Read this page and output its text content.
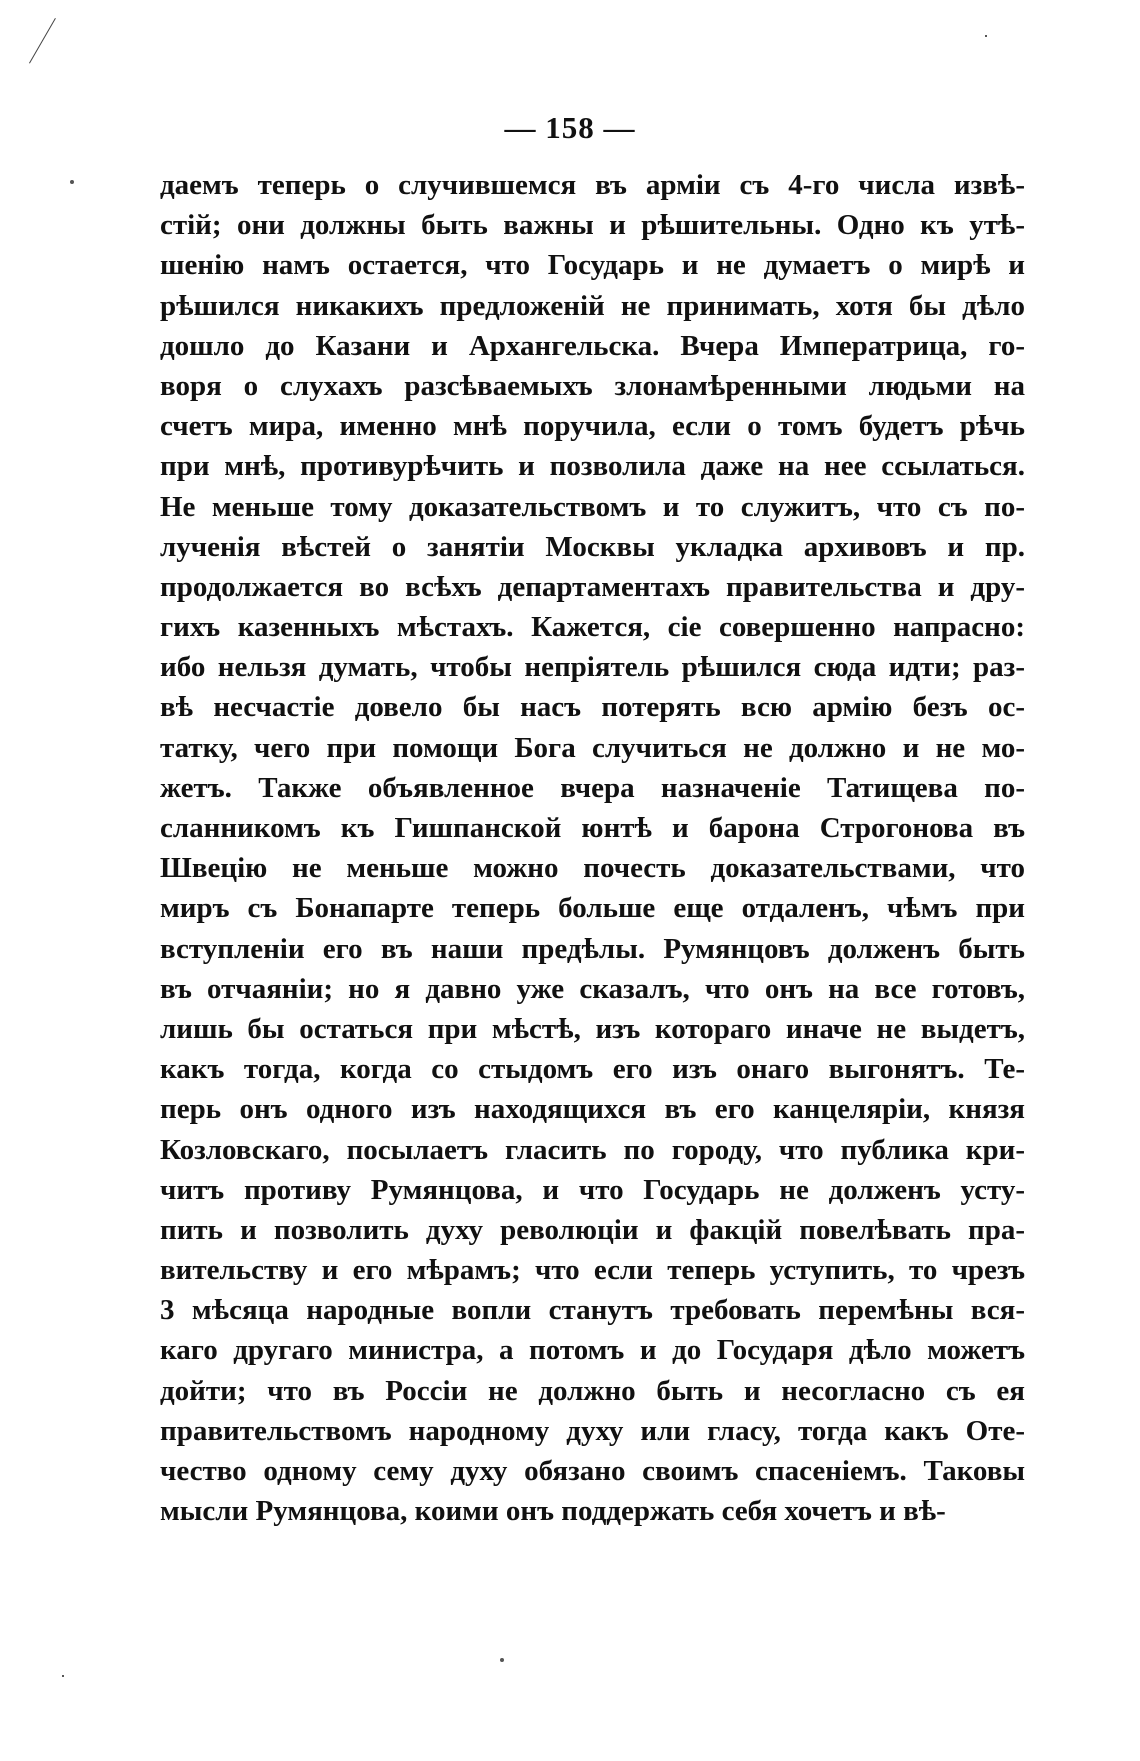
— 158 —
даемъ теперь о случившемся въ арміи съ 4-го числа извѣ-
стій; они должны быть важны и рѣшительны. Одно къ утѣ-
шенію намъ остается, что Государь и не думаетъ о мирѣ и
рѣшился никакихъ предложеній не принимать, хотя бы дѣло
дошло до Казани и Архангельска. Вчера Императрица, го-
воря о слухахъ разсѣваемыхъ злонамѣренными людьми на
счетъ мира, именно мнѣ поручила, если о томъ будетъ рѣчь
при мнѣ, противурѣчить и позволила даже на нее ссылаться.
Не меньше тому доказательствомъ и то служитъ, что съ по-
лученія вѣстей о занятіи Москвы укладка архивовъ и пр.
продолжается во всѣхъ департаментахъ правительства и дру-
гихъ казенныхъ мѣстахъ. Кажется, сіе совершенно напрасно:
ибо нельзя думать, чтобы непріятель рѣшился сюда идти; раз-
вѣ несчастіе довело бы насъ потерять всю армію безъ ос-
татку, чего при помощи Бога случиться не должно и не мо-
жетъ. Также объявленное вчера назначеніе Татищева по-
сланникомъ къ Гишпанской юнтѣ и барона Строгонова въ
Швецію не меньше можно почесть доказательствами, что
миръ съ Бонапарте теперь больше еще отдаленъ, чѣмъ при
вступленіи его въ наши предѣлы. Румянцовъ долженъ быть
въ отчаяніи; но я давно уже сказалъ, что онъ на все готовъ,
лишь бы остаться при мѣстѣ, изъ котораго иначе не выдетъ,
какъ тогда, когда со стыдомъ его изъ онаго выгонятъ. Те-
перь онъ одного изъ находящихся въ его канцеляріи, князя
Козловскаго, посылаетъ гласить по городу, что публика кри-
читъ противу Румянцова, и что Государь не долженъ усту-
пить и позволить духу революціи и факцій повелѣвать пра-
вительству и его мѣрамъ; что если теперь уступить, то чрезъ
3 мѣсяца народные вопли станутъ требовать перемѣны вся-
каго другаго министра, а потомъ и до Государя дѣло можетъ
дойти; что въ Россіи не должно быть и несогласно съ ея
правительствомъ народному духу или гласу, тогда какъ Оте-
чество одному сему духу обязано своимъ спасеніемъ. Таковы
мысли Румянцова, коими онъ поддержать себя хочетъ и вѣ-
